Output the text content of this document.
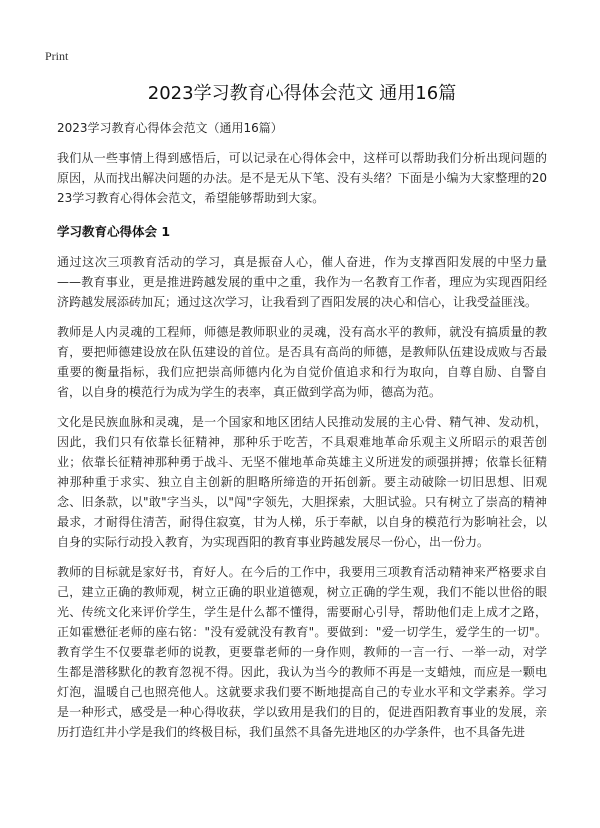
Print

2023学习教育心得体会范文 通用16篇

2023学习教育心得体会范文（通用16篇）

我们从一些事情上得到感悟后，可以记录在心得体会中，这样可以帮助我们分析出现问题的原因，从而找出解决问题的办法。是不是无从下笔、没有头绪？下面是小编为大家整理的2023学习教育心得体会范文，希望能够帮助到大家。

学习教育心得体会 1

通过这次三项教育活动的学习，真是振奋人心，催人奋进，作为支撑酉阳发展的中坚力量——教育事业，更是推进跨越发展的重中之重，我作为一名教育工作者，理应为实现酉阳经济跨越发展添砖加瓦；通过这次学习，让我看到了酉阳发展的决心和信心，让我受益匪浅。

教师是人内灵魂的工程师，师德是教师职业的灵魂，没有高水平的教师，就没有搞质量的教育，要把师德建设放在队伍建设的首位。是否具有高尚的师德，是教师队伍建设成败与否最重要的衡量指标，我们应把崇高师德内化为自觉价值追求和行为取向，自尊自励、自警自省，以自身的模范行为成为学生的表率，真正做到学高为师，德高为范。

文化是民族血脉和灵魂，是一个国家和地区团结人民推动发展的主心骨、精气神、发动机，因此，我们只有依靠长征精神，那种乐于吃苦，不具艰难地革命乐观主义所昭示的艰苦创业；依靠长征精神那种勇于战斗、无坚不催地革命英雄主义所迸发的顽强拼搏；依靠长征精神那种重于求实、独立自主创新的胆略所缔造的开拓创新。要主动破除一切旧思想、旧观念、旧条款，以"敢"字当头，以"闯"字领先，大胆探索，大胆试验。只有树立了崇高的精神最求，才耐得住清苦，耐得住寂寞，甘为人梯，乐于奉献，以自身的模范行为影响社会，以自身的实际行动投入教育，为实现酉阳的教育事业跨越发展尽一份心，出一份力。

教师的目标就是家好书，育好人。在今后的工作中，我要用三项教育活动精神来严格要求自己，建立正确的教师观，树立正确的职业道德观，树立正确的学生观，我们不能以世俗的眼光、传统文化来评价学生，学生是什么都不懂得，需要耐心引导，帮助他们走上成才之路，正如霍懋征老师的座右铭："没有爱就没有教育"。要做到："爱一切学生，爱学生的一切"。教育学生不仅要靠老师的说教，更要靠老师的一身作则，教师的一言一行、一举一动，对学生都是潜移默化的教育忽视不得。因此，我认为当今的教师不再是一支蜡烛，而应是一颗电灯泡，温暖自己也照亮他人。这就要求我们要不断地提高自己的专业水平和文学素养。学习是一种形式，感受是一种心得收获，学以致用是我们的目的，促进酉阳教育事业的发展，亲历打造红井小学是我们的终极目标，我们虽然不具备先进地区的办学条件，也不具备先进
